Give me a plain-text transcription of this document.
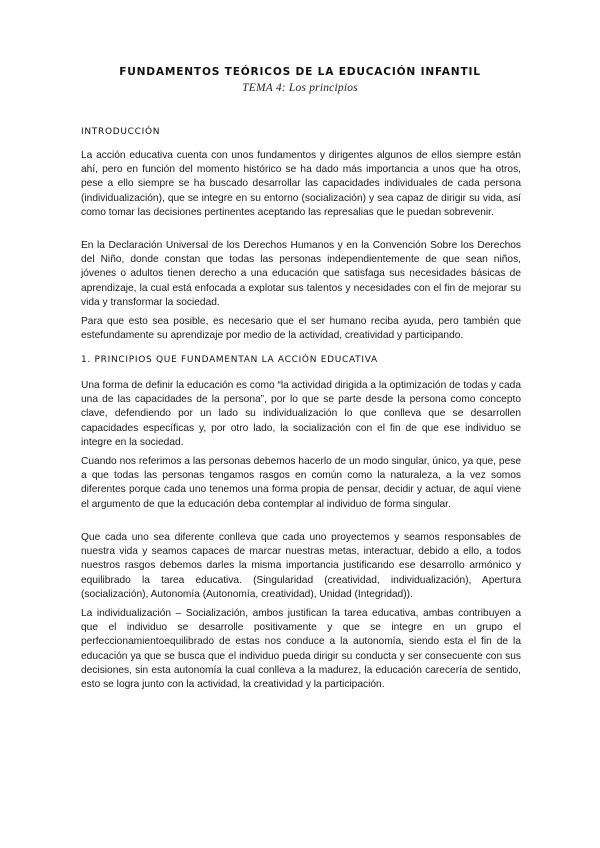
FUNDAMENTOS TEÓRICOS DE LA EDUCACIÓN INFANTIL
TEMA 4: Los principios
INTRODUCCIÓN

La acción educativa cuenta con unos fundamentos y dirigentes algunos de ellos siempre están ahí, pero en función del momento histórico se ha dado más importancia a unos que ha otros, pese a ello siempre se ha buscado desarrollar las capacidades individuales de cada persona (individualización), que se integre en su entorno (socialización) y sea capaz de dirigir su vida, así como tomar las decisiones pertinentes aceptando las represalias que le puedan sobrevenir.

En la Declaración Universal de los Derechos Humanos y en la Convención Sobre los Derechos del Niño, donde constan que todas las personas independientemente de que sean niños, jóvenes o adultos tienen derecho a una educación que satisfaga sus necesidades básicas de aprendizaje, la cual está enfocada a explotar sus talentos y necesidades con el fin de mejorar su vida y transformar la sociedad.

Para que esto sea posible, es necesario que el ser humano reciba ayuda, pero también que estefundamente su aprendizaje por medio de la actividad, creatividad y participando.

1. PRINCIPIOS QUE FUNDAMENTAN LA ACCIÓN EDUCATIVA

Una forma de definir la educación es como “la actividad dirigida a la optimización de todas y cada una de las capacidades de la persona”, por lo que se parte desde la persona como concepto clave, defendiendo por un lado su individualización lo que conlleva que se desarrollen capacidades específicas y, por otro lado, la socialización con el fin de que ese individuo se integre en la sociedad.

Cuando nos referimos a las personas debemos hacerlo de un modo singular, único, ya que, pese a que todas las personas tengamos rasgos en común como la naturaleza, a la vez somos diferentes porque cada uno tenemos una forma propia de pensar, decidir y actuar, de aquí viene el argumento de que la educación deba contemplar al individuo de forma singular.

Que cada uno sea diferente conlleva que cada uno proyectemos y seamos responsables de nuestra vida y seamos capaces de marcar nuestras metas, interactuar, debido a ello, a todos nuestros rasgos debemos darles la misma importancia justificando ese desarrollo armónico y equilibrado la tarea educativa. (Singularidad (creatividad, individualización), Apertura (socialización), Autonomía (Autonomía, creatividad), Unidad (Integridad)).

La individualización – Socialización, ambos justifican la tarea educativa, ambas contribuyen a que el individuo se desarrolle positivamente y que se integre en un grupo el perfeccionamientoequilibrado de estas nos conduce a la autonomía, siendo esta el fin de la educación ya que se busca que el individuo pueda dirigir su conducta y ser consecuente con sus decisiones, sin esta autonomía la cual conlleva a la madurez, la educación carecería de sentido, esto se logra junto con la actividad, la creatividad y la participación.
